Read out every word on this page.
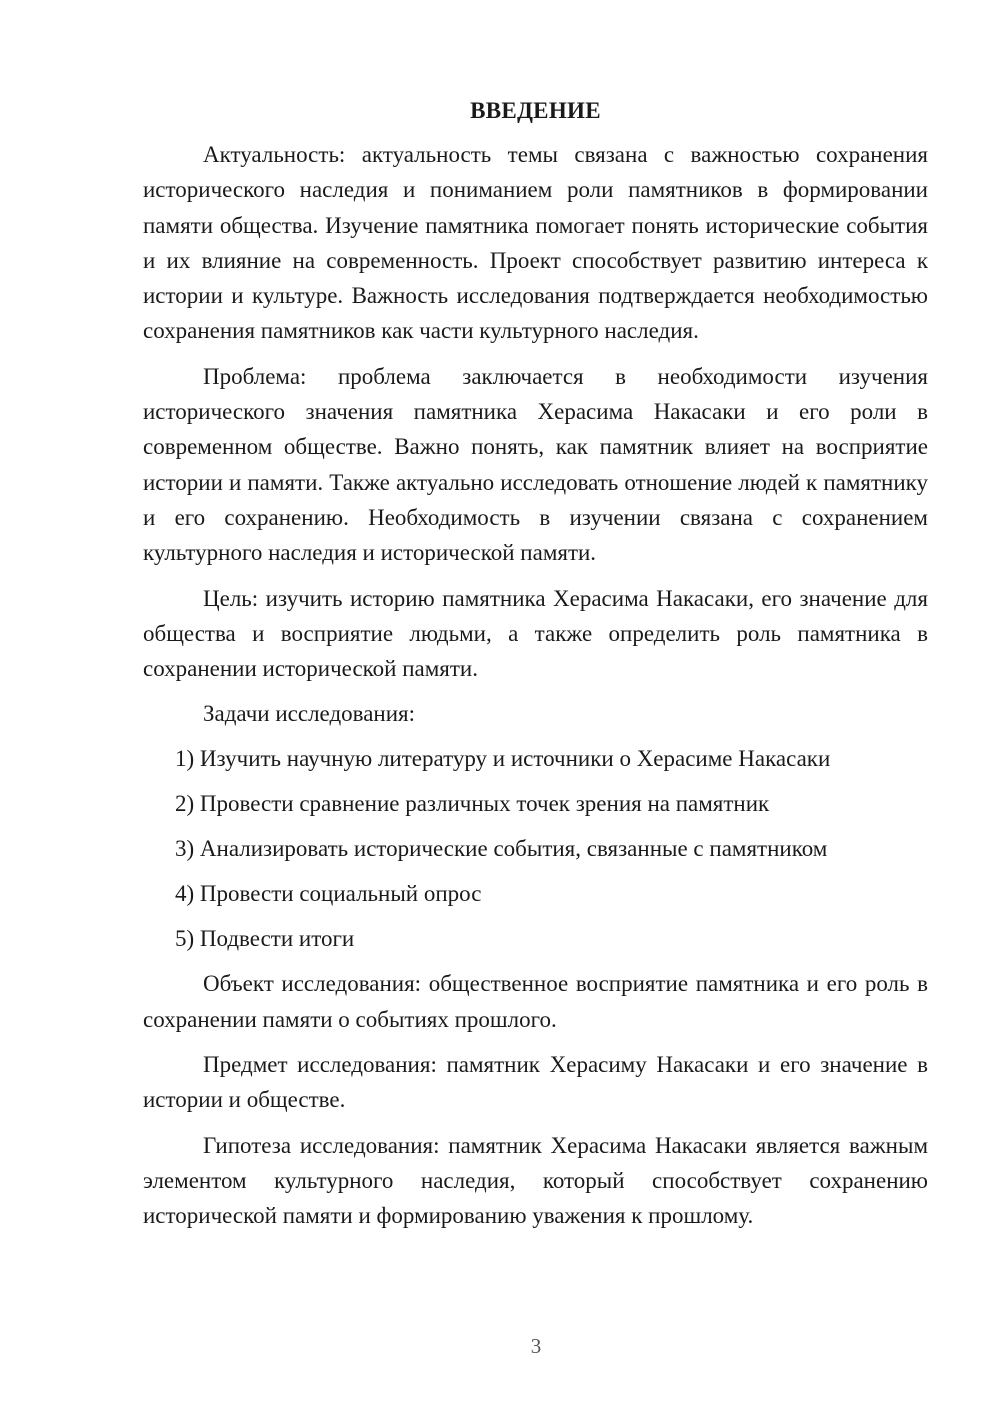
ВВЕДЕНИЕ

Актуальность: актуальность темы связана с важностью сохранения исторического наследия и пониманием роли памятников в формировании памяти общества. Изучение памятника помогает понять исторические события и их влияние на современность. Проект способствует развитию интереса к истории и культуре. Важность исследования подтверждается необходимостью сохранения памятников как части культурного наследия.

Проблема: проблема заключается в необходимости изучения исторического значения памятника Херасима Накасаки и его роли в современном обществе. Важно понять, как памятник влияет на восприятие истории и памяти. Также актуально исследовать отношение людей к памятнику и его сохранению. Необходимость в изучении связана с сохранением культурного наследия и исторической памяти.

Цель: изучить историю памятника Херасима Накасаки, его значение для общества и восприятие людьми, а также определить роль памятника в сохранении исторической памяти.

Задачи исследования:

1) Изучить научную литературу и источники о Херасиме Накасаки

2) Провести сравнение различных точек зрения на памятник

3) Анализировать исторические события, связанные с памятником

4) Провести социальный опрос

5) Подвести итоги

Объект исследования: общественное восприятие памятника и его роль в сохранении памяти о событиях прошлого.

Предмет исследования: памятник Херасиму Накасаки и его значение в истории и обществе.

Гипотеза исследования: памятник Херасима Накасаки является важным элементом культурного наследия, который способствует сохранению исторической памяти и формированию уважения к прошлому.

3
